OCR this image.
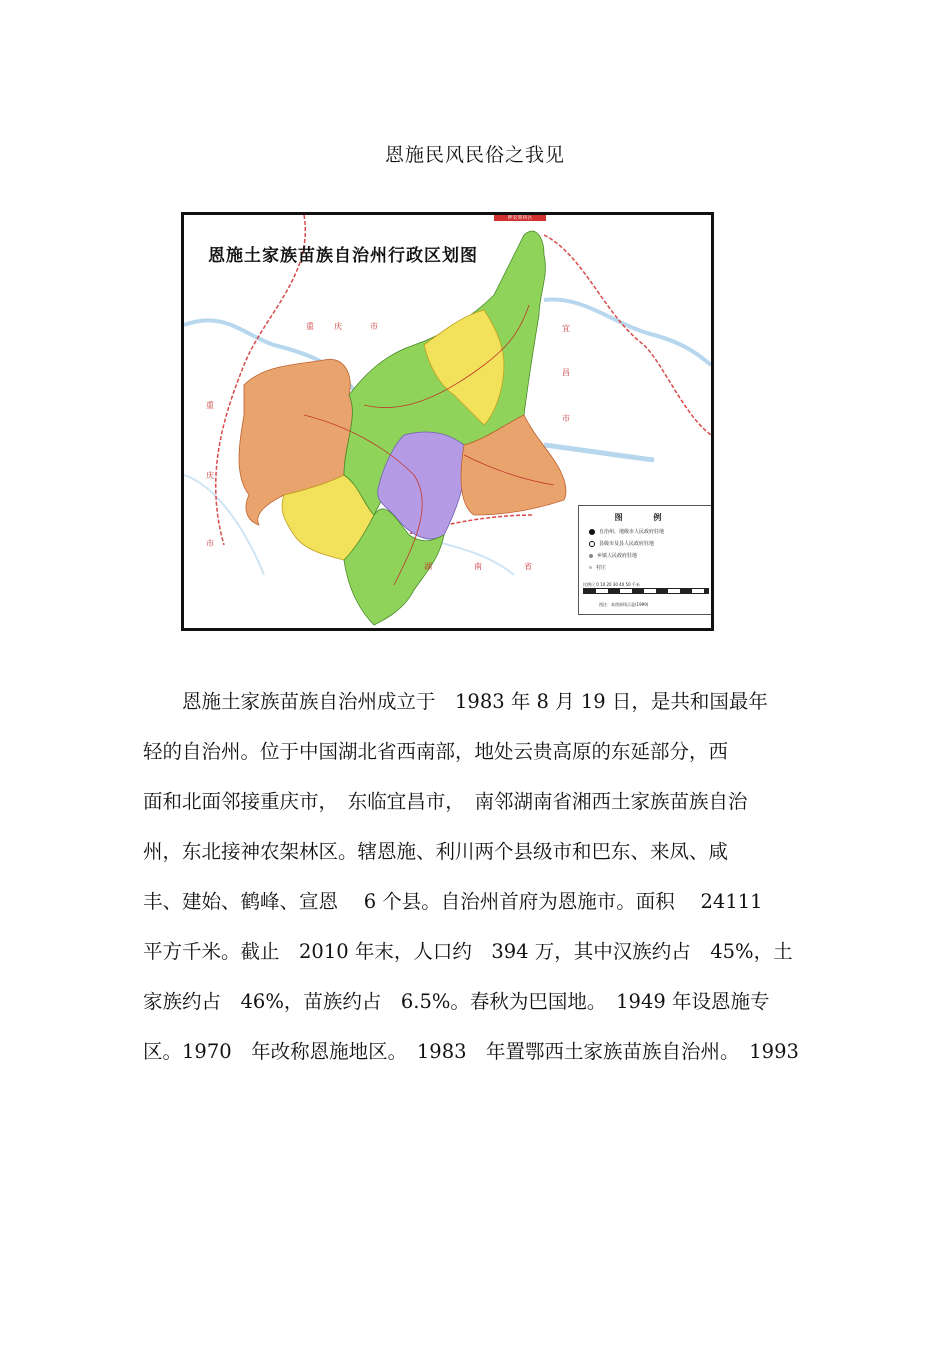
恩施民风民俗之我见
神农架林区
恩施土家族苗族自治州行政区划图
重	庆	市
重
庆
市
宜
昌
市
湖	南	省
图 例
自治州、地级市人民政府驻地
县级市及县人民政府驻地
乡镇人民政府驻地
村庄
比例尺 0 10 20 30 40 50 千米
图注：本图界线示意(1999)
　　恩施土家族苗族自治州成立于　1983 年 8 月 19 日，是共和国最年
轻的自治州。位于中国湖北省西南部，地处云贵高原的东延部分，西
面和北面邻接重庆市，　东临宜昌市，　南邻湖南省湘西土家族苗族自治
州，东北接神农架林区。辖恩施、利川两个县级市和巴东、来凤、咸
丰、建始、鹤峰、宣恩　 6 个县。自治州首府为恩施市。面积　 24111
平方千米。截止　2010 年末，人口约　394 万，其中汉族约占　45%，土
家族约占　46%，苗族约占　6.5%。春秋为巴国地。　1949 年设恩施专
区。1970　年改称恩施地区。　1983　年置鄂西土家族苗族自治州。　1993
